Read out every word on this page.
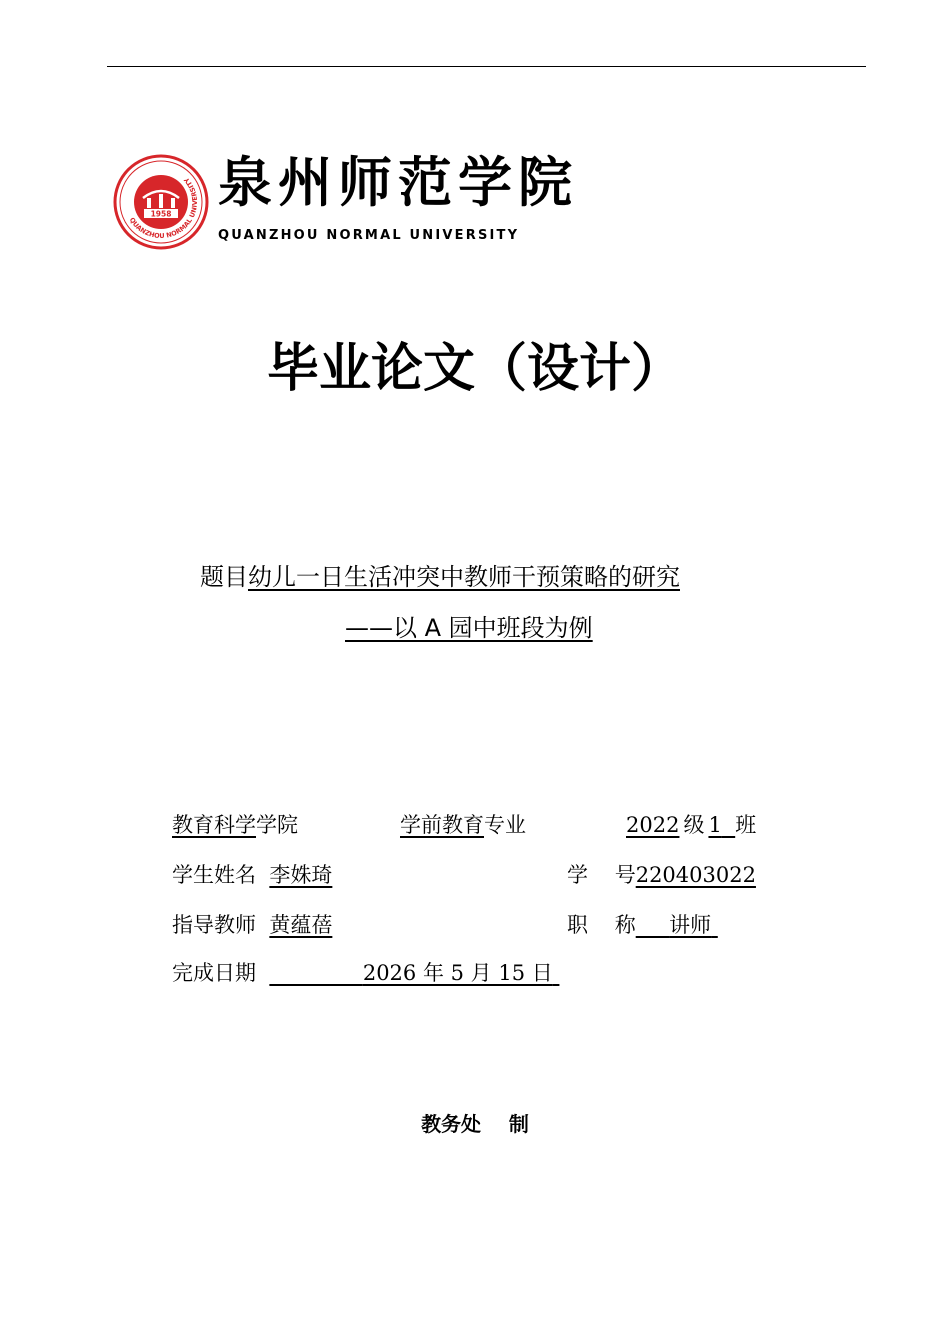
QUANZHOU NORMAL UNIVERSITY
1958 泉州师范学院
QUANZHOU NORMAL UNIVERSITY
毕业论文（设计）
题目幼儿一日生活冲突中教师干预策略的研究
——以 A 园中班段为例
教育科学学院	学前教育专业	2022 级 1 班
学生姓名 李姝琦	学    号220403022
指导教师 黄蕴蓓	职    称 讲师
完成日期	2026 年 5 月 15 日
教务处    制
